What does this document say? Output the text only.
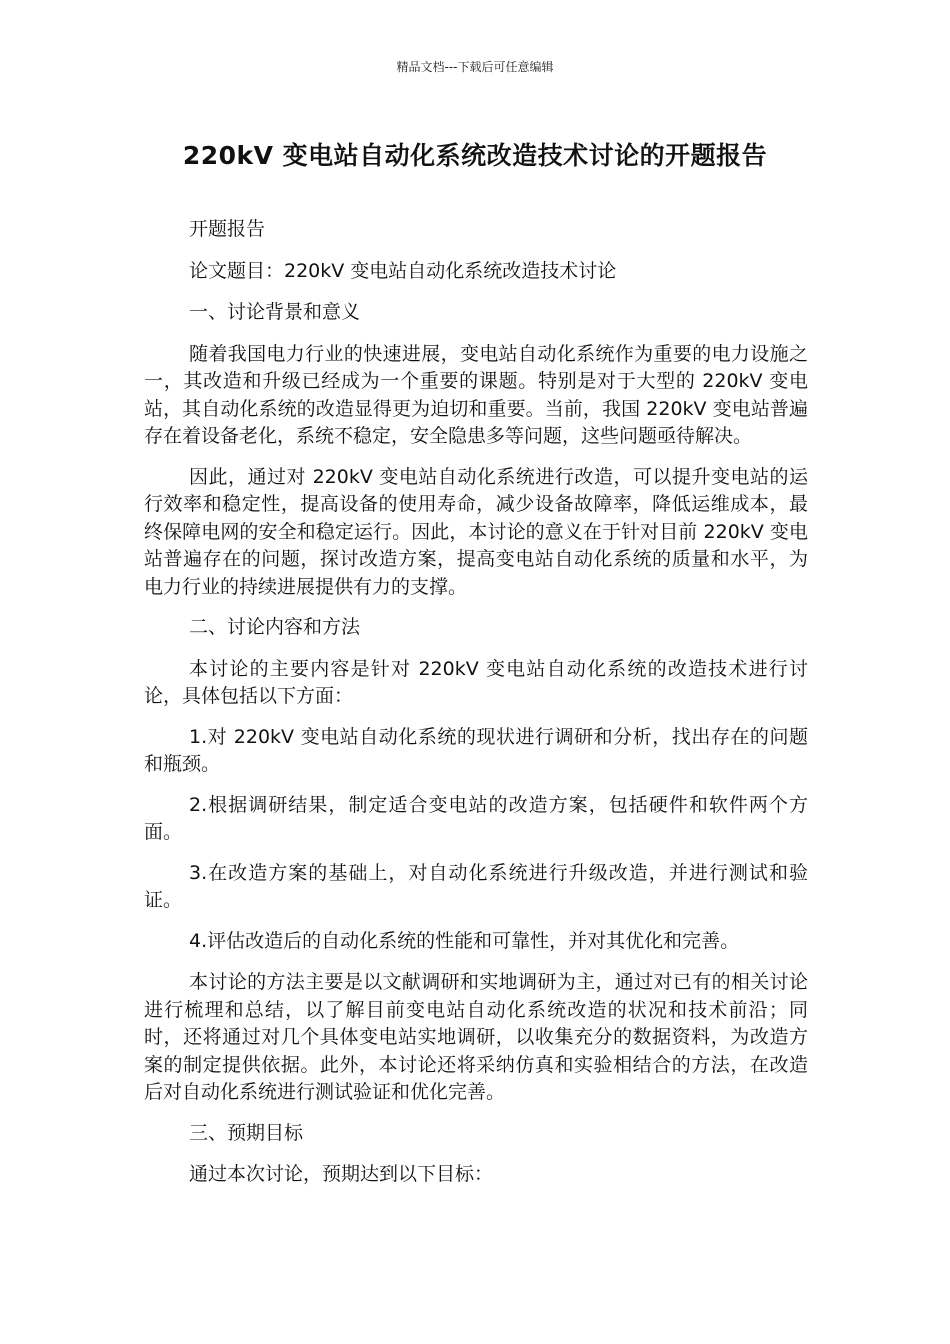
精品文档---下载后可任意编辑
220kV 变电站自动化系统改造技术讨论的开题报告

开题报告

论文题目：220kV 变电站自动化系统改造技术讨论

一、讨论背景和意义

随着我国电力行业的快速进展，变电站自动化系统作为重要的电力设施之一，其改造和升级已经成为一个重要的课题。特别是对于大型的 220kV 变电站，其自动化系统的改造显得更为迫切和重要。当前，我国 220kV 变电站普遍存在着设备老化，系统不稳定，安全隐患多等问题，这些问题亟待解决。

因此，通过对 220kV 变电站自动化系统进行改造，可以提升变电站的运行效率和稳定性，提高设备的使用寿命，减少设备故障率，降低运维成本，最终保障电网的安全和稳定运行。因此，本讨论的意义在于针对目前 220kV 变电站普遍存在的问题，探讨改造方案，提高变电站自动化系统的质量和水平，为电力行业的持续进展提供有力的支撑。

二、讨论内容和方法

本讨论的主要内容是针对 220kV 变电站自动化系统的改造技术进行讨论，具体包括以下方面：

1.对 220kV 变电站自动化系统的现状进行调研和分析，找出存在的问题和瓶颈。

2.根据调研结果，制定适合变电站的改造方案，包括硬件和软件两个方面。

3.在改造方案的基础上，对自动化系统进行升级改造，并进行测试和验证。

4.评估改造后的自动化系统的性能和可靠性，并对其优化和完善。

本讨论的方法主要是以文献调研和实地调研为主，通过对已有的相关讨论进行梳理和总结，以了解目前变电站自动化系统改造的状况和技术前沿；同时，还将通过对几个具体变电站实地调研，以收集充分的数据资料，为改造方案的制定提供依据。此外，本讨论还将采纳仿真和实验相结合的方法，在改造后对自动化系统进行测试验证和优化完善。

三、预期目标

通过本次讨论，预期达到以下目标：
